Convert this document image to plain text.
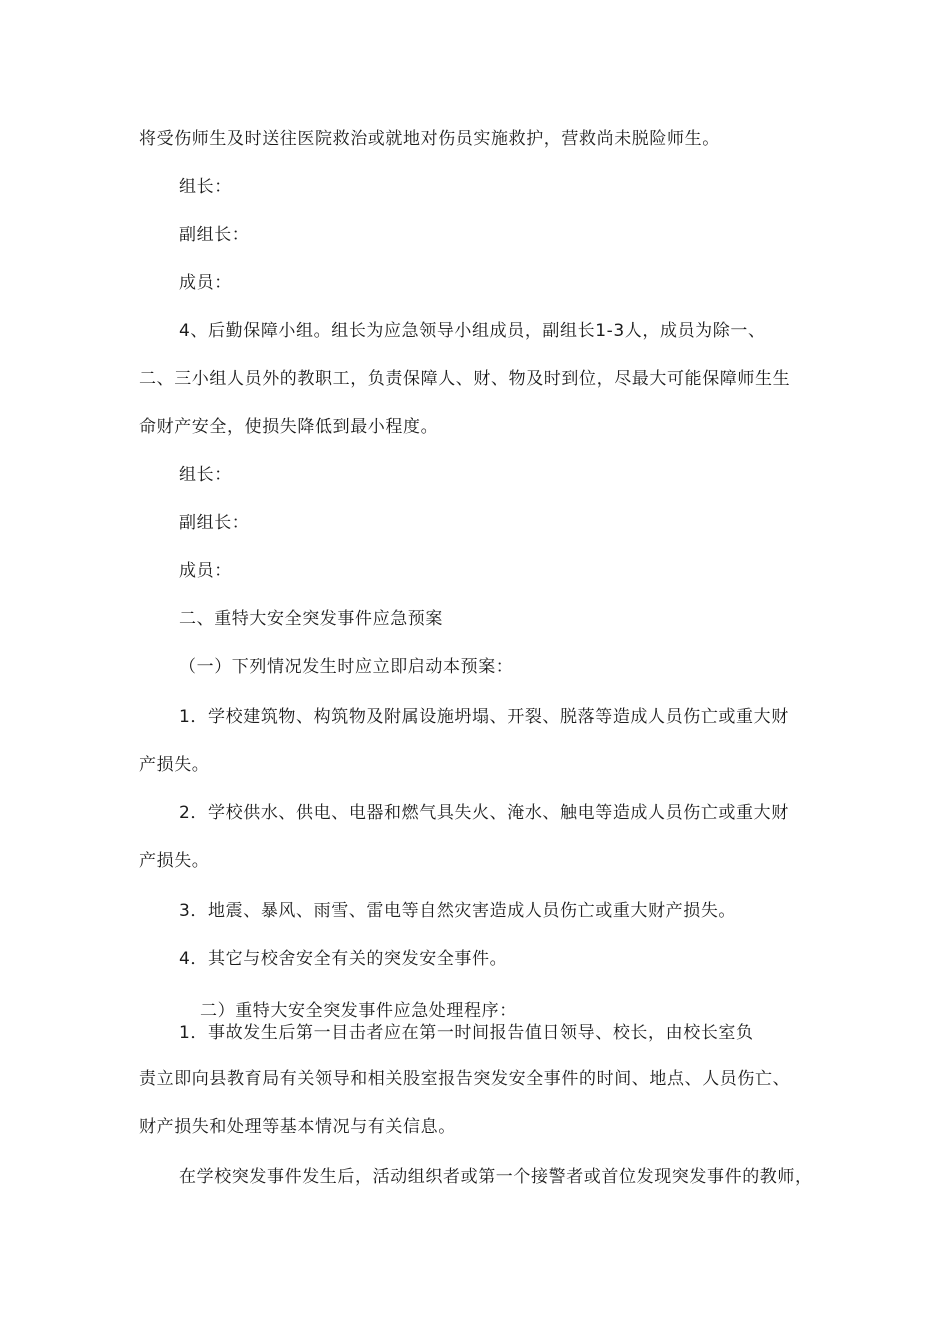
将受伤师生及时送往医院救治或就地对伤员实施救护，营救尚未脱险师生。
组长：
副组长：
成员：
4、后勤保障小组。组长为应急领导小组成员，副组长1-3人，成员为除一、
二、三小组人员外的教职工，负责保障人、财、物及时到位，尽最大可能保障师生生
命财产安全，使损失降低到最小程度。
组长：
副组长：
成员：
二、重特大安全突发事件应急预案
（一）下列情况发生时应立即启动本预案：
1．学校建筑物、构筑物及附属设施坍塌、开裂、脱落等造成人员伤亡或重大财
产损失。
2．学校供水、供电、电器和燃气具失火、淹水、触电等造成人员伤亡或重大财
产损失。
3．地震、暴风、雨雪、雷电等自然灾害造成人员伤亡或重大财产损失。
4．其它与校舍安全有关的突发安全事件。
二）重特大安全突发事件应急处理程序：
1．事故发生后第一目击者应在第一时间报告值日领导、校长，由校长室负
责立即向县教育局有关领导和相关股室报告突发安全事件的时间、地点、人员伤亡、
财产损失和处理等基本情况与有关信息。
在学校突发事件发生后，活动组织者或第一个接警者或首位发现突发事件的教师，
